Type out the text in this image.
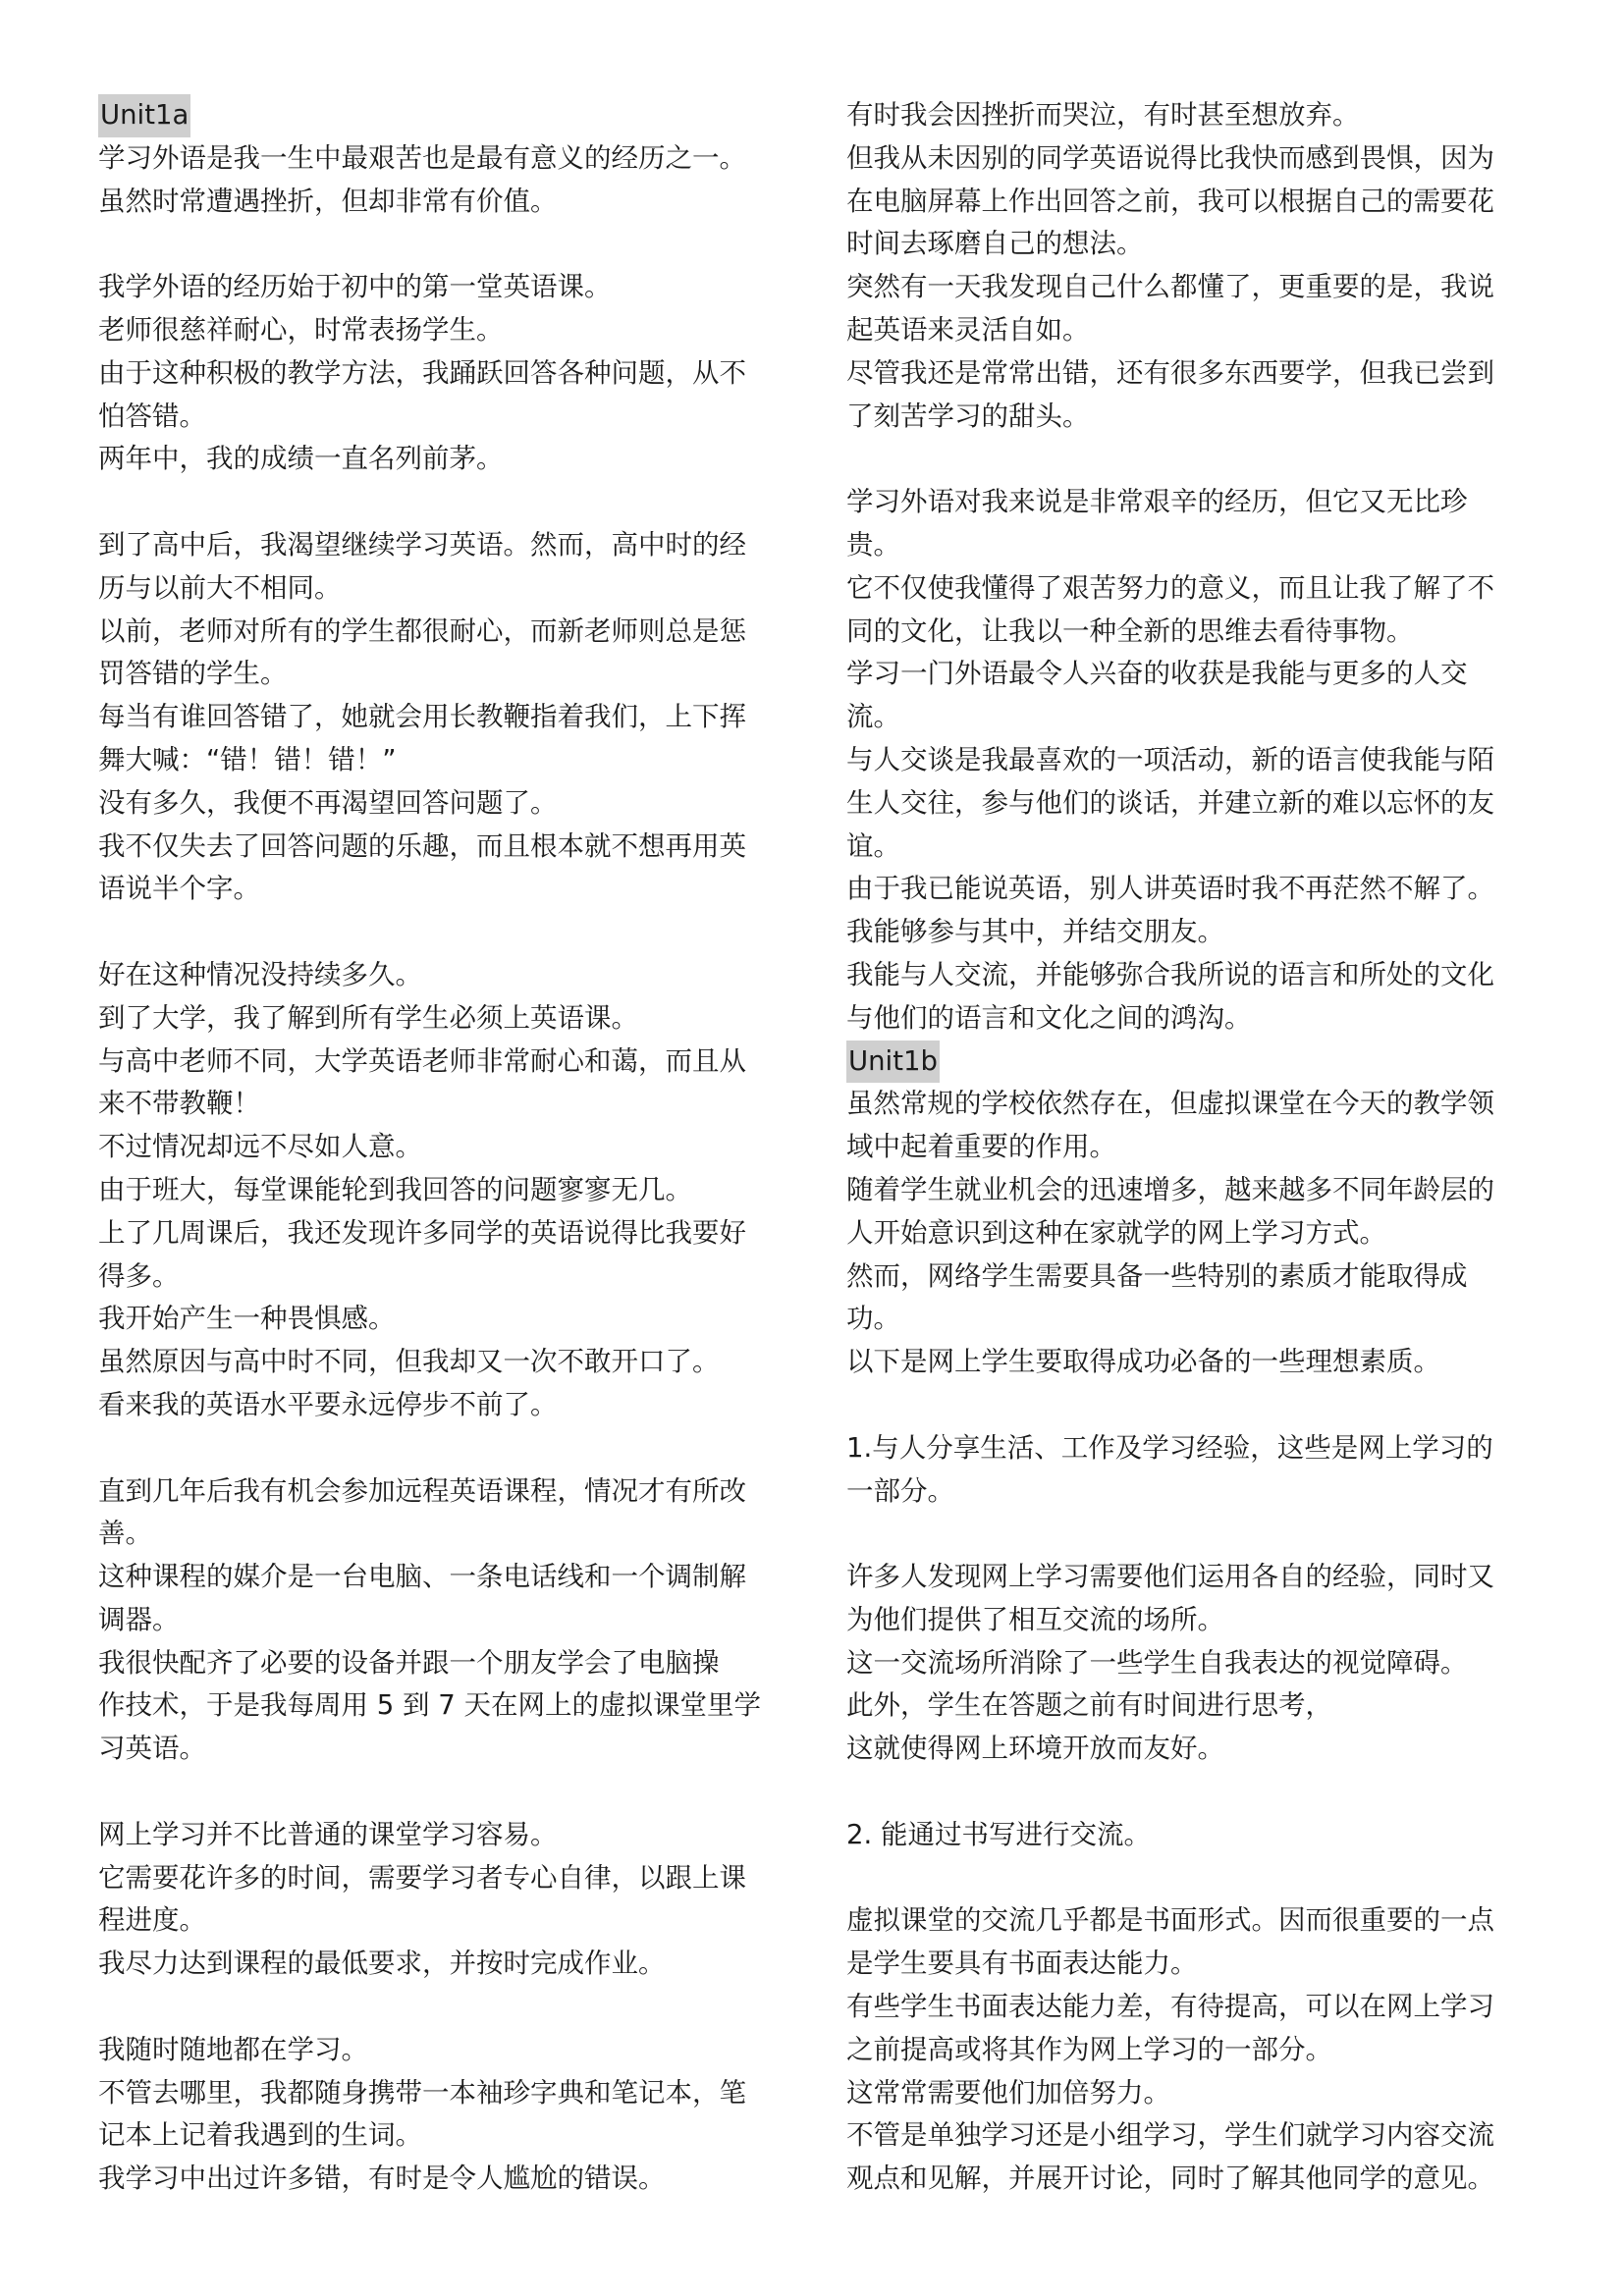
Unit1a
学习外语是我一生中最艰苦也是最有意义的经历之一。
虽然时常遭遇挫折，但却非常有价值。
我学外语的经历始于初中的第一堂英语课。
老师很慈祥耐心，时常表扬学生。
由于这种积极的教学方法，我踊跃回答各种问题，从不
怕答错。
两年中，我的成绩一直名列前茅。
到了高中后，我渴望继续学习英语。然而，高中时的经
历与以前大不相同。
以前，老师对所有的学生都很耐心，而新老师则总是惩
罚答错的学生。
每当有谁回答错了，她就会用长教鞭指着我们，上下挥
舞大喊：“错！错！错！”
没有多久，我便不再渴望回答问题了。
我不仅失去了回答问题的乐趣，而且根本就不想再用英
语说半个字。
好在这种情况没持续多久。
到了大学，我了解到所有学生必须上英语课。
与高中老师不同，大学英语老师非常耐心和蔼，而且从
来不带教鞭！
不过情况却远不尽如人意。
由于班大，每堂课能轮到我回答的问题寥寥无几。
上了几周课后，我还发现许多同学的英语说得比我要好
得多。
我开始产生一种畏惧感。
虽然原因与高中时不同，但我却又一次不敢开口了。
看来我的英语水平要永远停步不前了。
直到几年后我有机会参加远程英语课程，情况才有所改
善。
这种课程的媒介是一台电脑、一条电话线和一个调制解
调器。
我很快配齐了必要的设备并跟一个朋友学会了电脑操
作技术，于是我每周用 5 到 7 天在网上的虚拟课堂里学
习英语。
网上学习并不比普通的课堂学习容易。
它需要花许多的时间，需要学习者专心自律，以跟上课
程进度。
我尽力达到课程的最低要求，并按时完成作业。
我随时随地都在学习。
不管去哪里，我都随身携带一本袖珍字典和笔记本，笔
记本上记着我遇到的生词。
我学习中出过许多错，有时是令人尴尬的错误。
有时我会因挫折而哭泣，有时甚至想放弃。
但我从未因别的同学英语说得比我快而感到畏惧，因为
在电脑屏幕上作出回答之前，我可以根据自己的需要花
时间去琢磨自己的想法。
突然有一天我发现自己什么都懂了，更重要的是，我说
起英语来灵活自如。
尽管我还是常常出错，还有很多东西要学，但我已尝到
了刻苦学习的甜头。
学习外语对我来说是非常艰辛的经历，但它又无比珍
贵。
它不仅使我懂得了艰苦努力的意义，而且让我了解了不
同的文化，让我以一种全新的思维去看待事物。
学习一门外语最令人兴奋的收获是我能与更多的人交
流。
与人交谈是我最喜欢的一项活动，新的语言使我能与陌
生人交往，参与他们的谈话，并建立新的难以忘怀的友
谊。
由于我已能说英语，别人讲英语时我不再茫然不解了。
我能够参与其中，并结交朋友。
我能与人交流，并能够弥合我所说的语言和所处的文化
与他们的语言和文化之间的鸿沟。
Unit1b
虽然常规的学校依然存在，但虚拟课堂在今天的教学领
域中起着重要的作用。
随着学生就业机会的迅速增多，越来越多不同年龄层的
人开始意识到这种在家就学的网上学习方式。
然而，网络学生需要具备一些特别的素质才能取得成
功。
以下是网上学生要取得成功必备的一些理想素质。
1.与人分享生活、工作及学习经验，这些是网上学习的
一部分。
许多人发现网上学习需要他们运用各自的经验，同时又
为他们提供了相互交流的场所。
这一交流场所消除了一些学生自我表达的视觉障碍。
此外，学生在答题之前有时间进行思考，
这就使得网上环境开放而友好。
2. 能通过书写进行交流。
虚拟课堂的交流几乎都是书面形式。因而很重要的一点
是学生要具有书面表达能力。
有些学生书面表达能力差，有待提高，可以在网上学习
之前提高或将其作为网上学习的一部分。
这常常需要他们加倍努力。
不管是单独学习还是小组学习，学生们就学习内容交流
观点和见解，并展开讨论，同时了解其他同学的意见。
